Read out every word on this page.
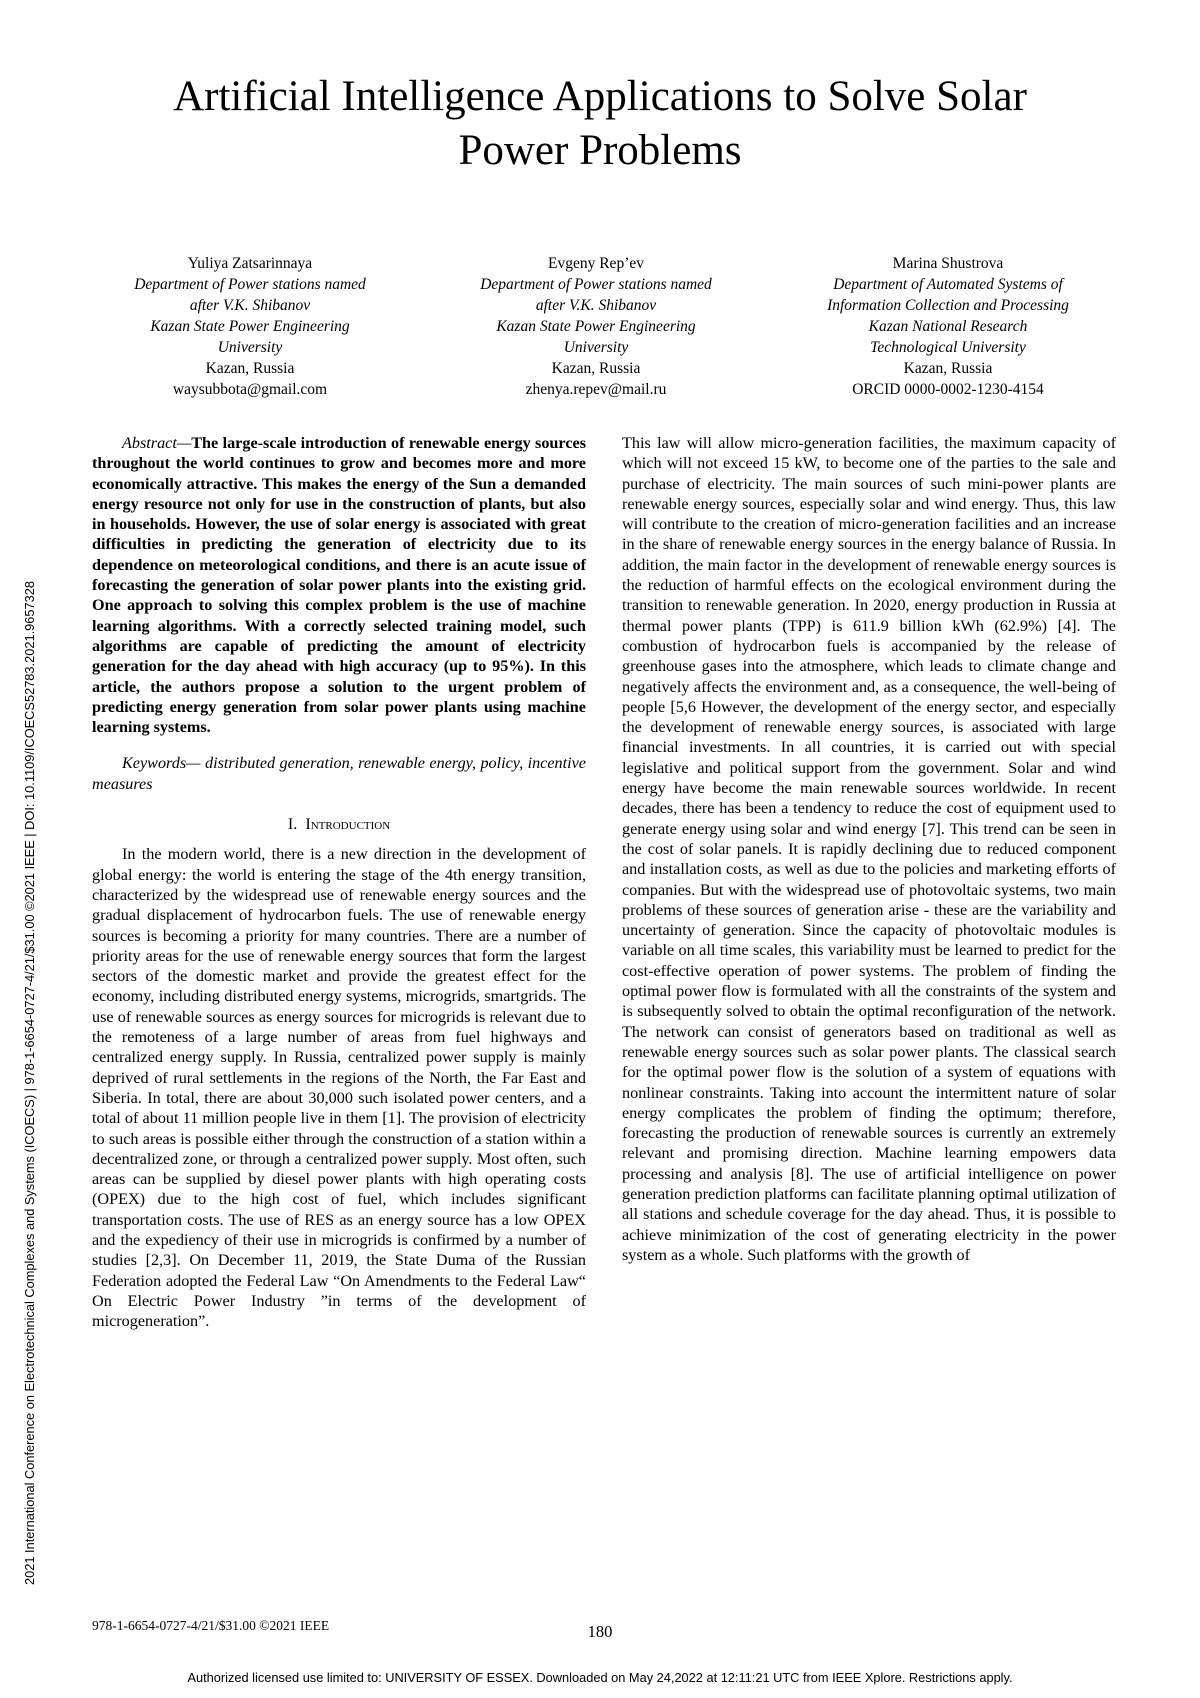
2021 International Conference on Electrotechnical Complexes and Systems (ICOECS) | 978-1-6654-0727-4/21/$31.00 ©2021 IEEE | DOI: 10.1109/ICOECS52783.2021.9657328
Artificial Intelligence Applications to Solve Solar
Power Problems
Yuliya Zatsarinnaya
Department of Power stations named
after V.K. Shibanov
Kazan State Power Engineering
University
Kazan, Russia
waysubbota@gmail.com
Evgeny Rep’ev
Department of Power stations named
after V.K. Shibanov
Kazan State Power Engineering
University
Kazan, Russia
zhenya.repev@mail.ru
Marina Shustrova
Department of Automated Systems of
Information Collection and Processing
Kazan National Research
Technological University
Kazan, Russia
ORCID 0000-0002-1230-4154

Abstract—The large-scale introduction of renewable energy sources throughout the world continues to grow and becomes more and more economically attractive. This makes the energy of the Sun a demanded energy resource not only for use in the construction of plants, but also in households. However, the use of solar energy is associated with great difficulties in predicting the generation of electricity due to its dependence on meteorological conditions, and there is an acute issue of forecasting the generation of solar power plants into the existing grid. One approach to solving this complex problem is the use of machine learning algorithms. With a correctly selected training model, such algorithms are capable of predicting the amount of electricity generation for the day ahead with high accuracy (up to 95%). In this article, the authors propose a solution to the urgent problem of predicting energy generation from solar power plants using machine learning systems.

Keywords— distributed generation, renewable energy, policy, incentive measures

I. Introduction

In the modern world, there is a new direction in the development of global energy: the world is entering the stage of the 4th energy transition, characterized by the widespread use of renewable energy sources and the gradual displacement of hydrocarbon fuels. The use of renewable energy sources is becoming a priority for many countries. There are a number of priority areas for the use of renewable energy sources that form the largest sectors of the domestic market and provide the greatest effect for the economy, including distributed energy systems, microgrids, smartgrids. The use of renewable sources as energy sources for microgrids is relevant due to the remoteness of a large number of areas from fuel highways and centralized energy supply. In Russia, centralized power supply is mainly deprived of rural settlements in the regions of the North, the Far East and Siberia. In total, there are about 30,000 such isolated power centers, and a total of about 11 million people live in them [1]. The provision of electricity to such areas is possible either through the construction of a station within a decentralized zone, or through a centralized power supply. Most often, such areas can be supplied by diesel power plants with high operating costs (OPEX) due to the high cost of fuel, which includes significant transportation costs. The use of RES as an energy source has a low OPEX and the expediency of their use in microgrids is confirmed by a number of studies [2,3]. On December 11, 2019, the State Duma of the Russian Federation adopted the Federal Law “On Amendments to the Federal Law“ On Electric Power Industry ”in terms of the development of microgeneration”.

This law will allow micro-generation facilities, the maximum capacity of which will not exceed 15 kW, to become one of the parties to the sale and purchase of electricity. The main sources of such mini-power plants are renewable energy sources, especially solar and wind energy. Thus, this law will contribute to the creation of micro-generation facilities and an increase in the share of renewable energy sources in the energy balance of Russia. In addition, the main factor in the development of renewable energy sources is the reduction of harmful effects on the ecological environment during the transition to renewable generation. In 2020, energy production in Russia at thermal power plants (TPP) is 611.9 billion kWh (62.9%) [4]. The combustion of hydrocarbon fuels is accompanied by the release of greenhouse gases into the atmosphere, which leads to climate change and negatively affects the environment and, as a consequence, the well-being of people [5,6 However, the development of the energy sector, and especially the development of renewable energy sources, is associated with large financial investments. In all countries, it is carried out with special legislative and political support from the government. Solar and wind energy have become the main renewable sources worldwide. In recent decades, there has been a tendency to reduce the cost of equipment used to generate energy using solar and wind energy [7]. This trend can be seen in the cost of solar panels. It is rapidly declining due to reduced component and installation costs, as well as due to the policies and marketing efforts of companies. But with the widespread use of photovoltaic systems, two main problems of these sources of generation arise - these are the variability and uncertainty of generation. Since the capacity of photovoltaic modules is variable on all time scales, this variability must be learned to predict for the cost-effective operation of power systems. The problem of finding the optimal power flow is formulated with all the constraints of the system and is subsequently solved to obtain the optimal reconfiguration of the network. The network can consist of generators based on traditional as well as renewable energy sources such as solar power plants. The classical search for the optimal power flow is the solution of a system of equations with nonlinear constraints. Taking into account the intermittent nature of solar energy complicates the problem of finding the optimum; therefore, forecasting the production of renewable sources is currently an extremely relevant and promising direction. Machine learning empowers data processing and analysis [8]. The use of artificial intelligence on power generation prediction platforms can facilitate planning optimal utilization of all stations and schedule coverage for the day ahead. Thus, it is possible to achieve minimization of the cost of generating electricity in the power system as a whole. Such platforms with the growth of

978-1-6654-0727-4/21/$31.00 ©2021 IEEE	180
Authorized licensed use limited to: UNIVERSITY OF ESSEX. Downloaded on May 24,2022 at 12:11:21 UTC from IEEE Xplore. Restrictions apply.
